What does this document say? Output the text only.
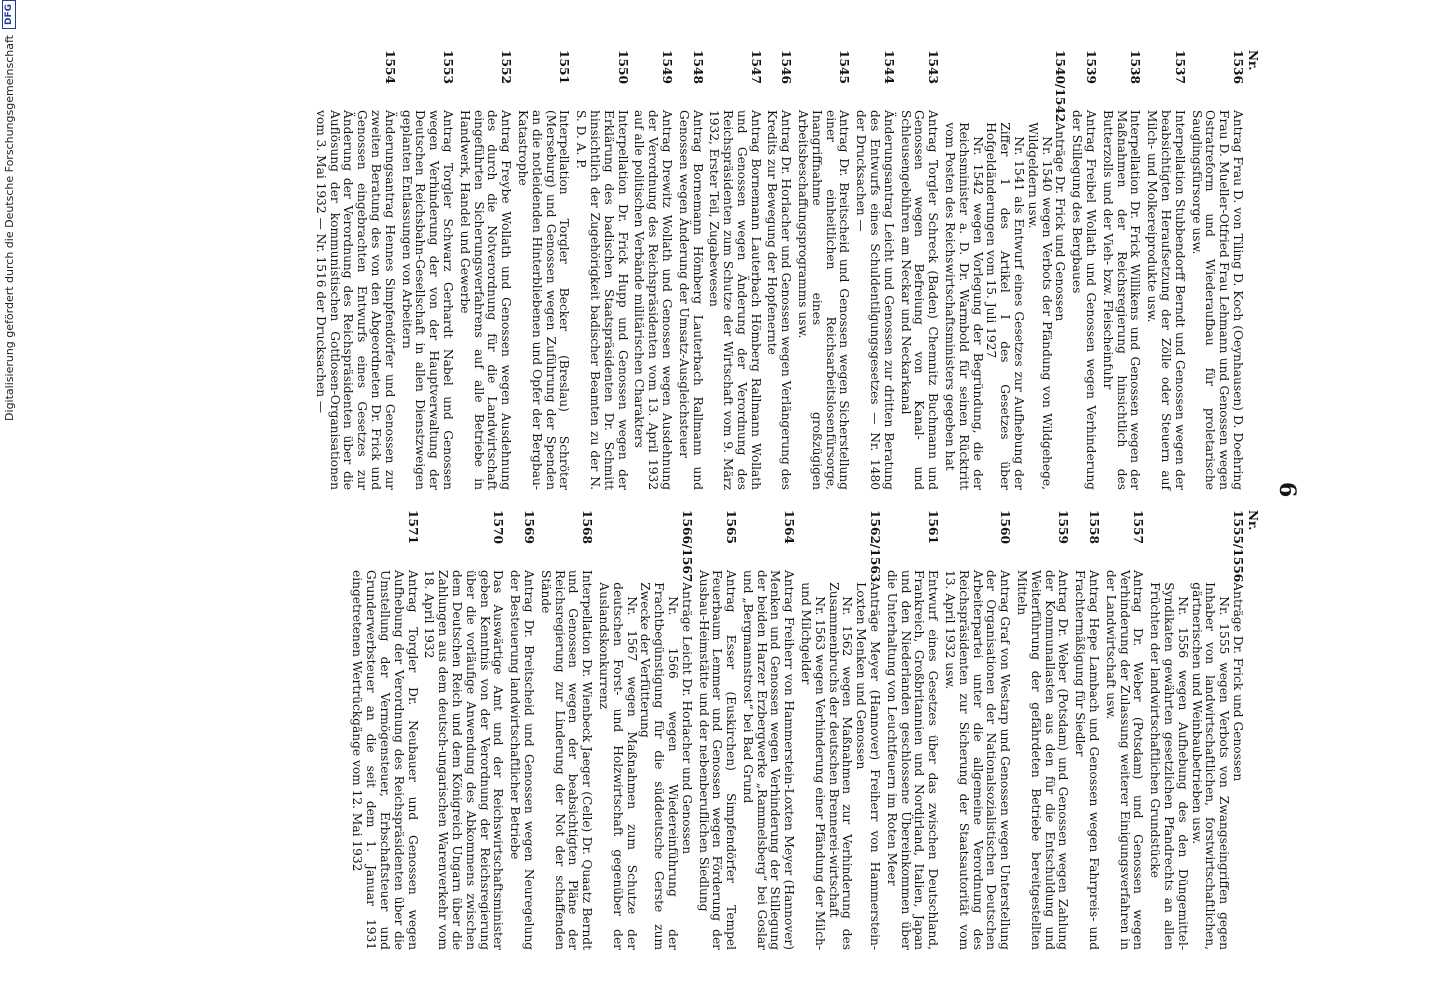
6
Nr.
1536
Antrag Frau D. von Tiling D. Koch (Oeynhausen) D. Doehring Frau D. Mueller-Otfried Frau Lehmann und Genossen wegen Ostratreform und Wiederaufbau für proletarische Sauglingsfürsorge usw.
1537
Interpellation Stubbendorff Berndt und Genossen wegen der beabsichtigten Heraufsetzung der Zölle oder Steuern auf Milch- und Molkereiprodukte usw.
1538
Interpellation Dr. Frick Willikens und Genossen wegen der Maßnahmen der Reichsregierung hinsichtlich des Butterzolls und der Vieh- bzw. Fleischeinfuhr
1539
Antrag Freibel Wollath und Genossen wegen Verhinderung der Stillegung des Bergbaues
1540/1542
Anträge Dr. Frick und Genossen
Nr. 1540 wegen Verbots der Pfändung von Wildgehege, Wildgeldern usw.
Nr. 1541 als Entwurf eines Gesetzes zur Aufhebung der Ziffer 1 des Artikel I des Gesetzes über Hofgeldänderungen vom 15. Juli 1927
Nr. 1542 wegen Vorlegung der Begründung, die der Reichsminister a. D. Dr. Warmbold für seinen Rücktritt vom Posten des Reichswirtschaftsministers gegeben hat
1543
Antrag Torgler Schreck (Baden) Chemnitz Buchmann und Genossen wegen Befreiung von Kanal- und Schleusengebühren am Neckar und Neckarkanal
1544
Änderungsantrag Leicht und Genossen zur dritten Beratung des Entwurfs eines Schuldentilgungsgesetzes — Nr. 1480 der Drucksachen —
1545
Antrag Dr. Breitscheid und Genossen wegen Sicherstellung einer einheitlichen Reichsarbeitslosenfürsorge, Inangriffnahme eines großzügigen Arbeitsbeschaffungsprogramms usw.
1546
Antrag Dr. Horlacher und Genossen wegen Verlängerung des Kredits zur Bewegung der Hopfenernte
1547
Antrag Bornemann Lauterbach Hömberg Rallmann Wollath und Genossen wegen Änderung der Verordnung des Reichspräsidenten zum Schutze der Wirtschaft vom 9. März 1932, Erster Teil, Zugabewesen
1548
Antrag Bornemann Hömberg Lauterbach Rallmann und Genossen wegen Änderung der Umsatz-Ausgleichsteuer
1549
Antrag Drewitz Wollath und Genossen wegen Ausdehnung der Verordnung des Reichspräsidenten vom 13. April 1932 auf alle politischen Verbände militärischen Charakters
1550
Interpellation Dr. Frick Hupp und Genossen wegen der Erklärung des badischen Staatspräsidenten Dr. Schmitt hinsichtlich der Zugehörigkeit badischer Beamten zu der N. S. D. A. P.
1551
Interpellation Torgler Becker (Breslau) Schröter (Merseburg) und Genossen wegen Zuführung der Spenden an die notleidenden Hinterbliebenen und Opfer der Bergbau-Katastrophe
1552
Antrag Freybe Wollath und Genossen wegen Ausdehnung des durch die Notverordnung für die Landwirtschaft eingeführten Sicherungsverfahrens auf alle Betriebe in Handwerk, Handel und Gewerbe
1553
Antrag Torgler Schwarz Gerhardt Nabel und Genossen wegen Verhinderung der von der Hauptverwaltung der Deutschen Reichsbahn-Gesellschaft in allen Dienstzweigen geplanten Entlassungen von Arbeitern
1554
Änderungsantrag Hennes Simpfendörfer und Genossen zur zweiten Beratung des von den Abgeordneten Dr. Frick und Genossen eingebrachten Entwurfs eines Gesetzes zur Änderung der Verordnung des Reichspräsidenten über die Auflösung der kommunistischen Gottlosen-Organisationen vom 3. Mai 1932 — Nr. 1516 der Drucksachen —
Nr.
1555/1556
Anträge Dr. Frick und Genossen
Nr. 1555 wegen Verbots von Zwangseingriffen gegen Inhaber von landwirtschaftlichen, forstwirtschaftlichen, gärtnerischen und Weinbaubetrieben usw.
Nr. 1556 wegen Aufhebung des den Düngemittel-Syndikaten gewährten gesetzlichen Pfandrechts an allen Früchten der landwirtschaftlichen Grundstücke
1557
Antrag Dr. Weber (Potsdam) und Genossen wegen Verhinderung der Zulassung weiterer Einigungsverfahren in der Landwirtschaft usw.
1558
Antrag Hepe Lambach und Genossen wegen Fahrpreis- und Frachtermäßigung für Siedler
1559
Antrag Dr. Weber (Potsdam) und Genossen wegen Zahlung der Kommunallasten aus den für die Entschuldung und Weiterführung der gefährdeten Betriebe bereitgestellten Mitteln
1560
Antrag Graf von Westarp und Genossen wegen Unterstellung der Organisationen der Nationalsozialistischen Deutschen Arbeiterpartei unter die allgemeine Verordnung des Reichspräsidenten zur Sicherung der Staatsautorität vom 13. April 1932 usw.
1561
Entwurf eines Gesetzes über das zwischen Deutschland, Frankreich, Großbritannien und Nordirland, Italien, Japan und den Niederlanden geschlossene Übereinkommen über die Unterhaltung von Leuchtfeuern im Roten Meer
1562/1563
Anträge Meyer (Hannover) Freiherr von Hammerstein-Loxten Menken und Genossen
Nr. 1562 wegen Maßnahmen zur Verhinderung des Zusammenbruchs der deutschen Brennerei-wirtschaft
Nr. 1563 wegen Verhinderung einer Pfändung der Milch- und Milchgelder
1564
Antrag Freiherr von Hammerstein-Loxten Meyer (Hannover) Menken und Genossen wegen Verhinderung der Stillegung der beiden Harzer Erzbergwerke „Rammelsberg“ bei Goslar und „Bergmannstrost“ bei Bad Grund
1565
Antrag Esser (Euskirchen) Simpfendörfer Tempel Feuerbaum Lemmer und Genossen wegen Förderung der Ausbau-Heimstätte und der nebenberuflichen Siedlung
1566/1567
Anträge Leicht Dr. Horlacher und Genossen
Nr. 1566 wegen Wiedereinführung der Frachtbegünstigung für die süddeutsche Gerste zum Zwecke der Verfütterung
Nr. 1567 wegen Maßnahmen zum Schutze der deutschen Forst- und Holzwirtschaft gegenüber der Auslandskonkurrenz
1568
Interpellation Dr. Wienbeck Jaeger (Celle) Dr. Quaatz Berndt und Genossen wegen der beabsichtigten Pläne der Reichsregierung zur Linderung der Not der schaffenden Stände
1569
Antrag Dr. Breitscheid und Genossen wegen Neuregelung der Besteuerung landwirtschaftlicher Betriebe
1570
Das Auswärtige Amt und der Reichswirtschaftsminister geben Kenntnis von der Verordnung der Reichsregierung über die vorläufige Anwendung des Abkommens zwischen dem Deutschen Reich und dem Königreich Ungarn über die Zahlungen aus dem deutsch-ungarischen Warenverkehr vom 18. April 1932
1571
Antrag Torgler Dr. Neubauer und Genossen wegen Aufhebung der Verordnung des Reichspräsidenten über die Umstellung der Vermögensteuer, Erbschaftsteuer und Grunderwerbsteuer an die seit dem 1. Januar 1931 eingetretenen Wertrückgänge vom 12. Mai 1932
Digitalisierung gefördert durch die Deutsche Forschungsgemeinschaft
DFG
